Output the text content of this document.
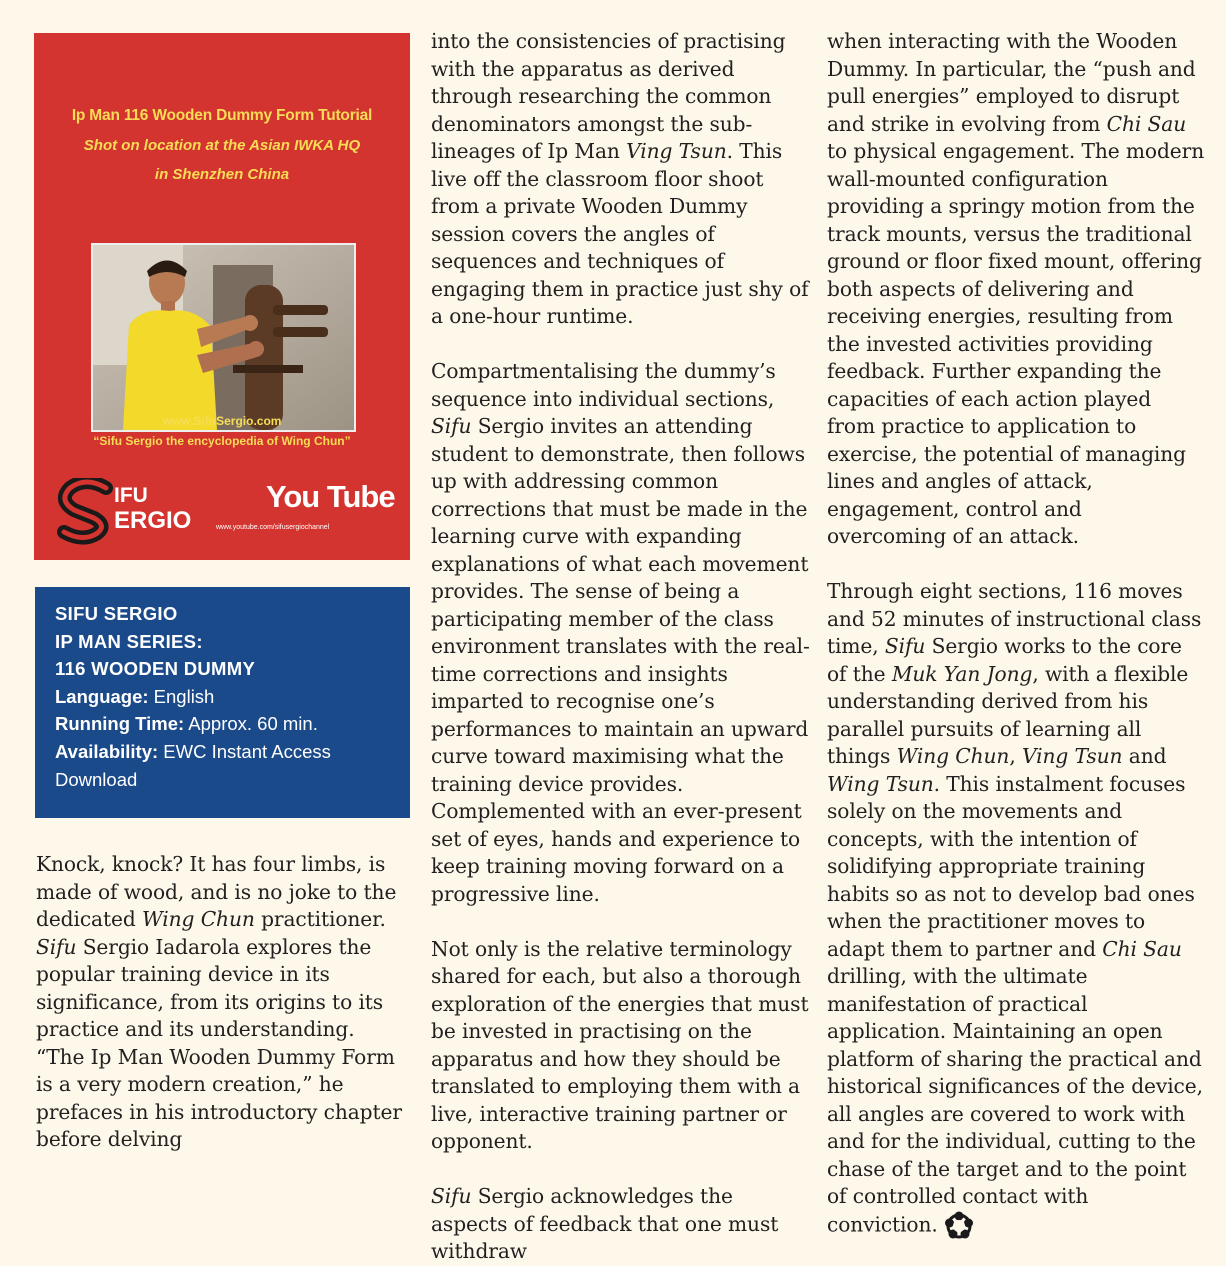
Ip Man 116 Wooden Dummy Form Tutorial
Shot on location at the Asian IWKA HQ
in Shenzhen China
www.SifuSergio.com
“Sifu Sergio the encyclopedia of Wing Chun”
IFU
ERGIO
You Tube
www.youtube.com/sifusergiochannel
SIFU SERGIO
IP MAN SERIES:
116 WOODEN DUMMY
Language: English
Running Time: Approx. 60 min.
Availability: EWC Instant Access Download

Knock, knock? It has four limbs, is made of wood, and is no joke to the dedicated Wing Chun practitioner. Sifu Sergio Iadarola explores the popular training device in its significance, from its origins to its practice and its understanding. “The Ip Man Wooden Dummy Form is a very modern creation,” he prefaces in his introductory chapter before delving

into the consistencies of practising with the apparatus as derived through researching the common denominators amongst the sub-lineages of Ip Man Ving Tsun. This live off the classroom floor shoot from a private Wooden Dummy session covers the angles of sequences and techniques of engaging them in practice just shy of a one-hour runtime.

Compartmentalising the dummy’s sequence into individual sections, Sifu Sergio invites an attending student to demonstrate, then follows up with addressing common corrections that must be made in the learning curve with expanding explanations of what each movement provides. The sense of being a participating member of the class environment translates with the real-time corrections and insights imparted to recognise one’s performances to maintain an upward curve toward maximising what the training device provides. Complemented with an ever-present set of eyes, hands and experience to keep training moving forward on a progressive line.

Not only is the relative terminology shared for each, but also a thorough exploration of the energies that must be invested in practising on the apparatus and how they should be translated to employing them with a live, interactive training partner or opponent.

Sifu Sergio acknowledges the aspects of feedback that one must withdraw

when interacting with the Wooden Dummy. In particular, the “push and pull energies” employed to disrupt and strike in evolving from Chi Sau to physical engagement. The modern wall-mounted configuration providing a springy motion from the track mounts, versus the traditional ground or floor fixed mount, offering both aspects of delivering and receiving energies, resulting from the invested activities providing feedback. Further expanding the capacities of each action played from practice to application to exercise, the potential of managing lines and angles of attack, engagement, control and overcoming of an attack.

Through eight sections, 116 moves and 52 minutes of instructional class time, Sifu Sergio works to the core of the Muk Yan Jong, with a flexible understanding derived from his parallel pursuits of learning all things Wing Chun, Ving Tsun and Wing Tsun. This instalment focuses solely on the movements and concepts, with the intention of solidifying appropriate training habits so as not to develop bad ones when the practitioner moves to adapt them to partner and Chi Sau drilling, with the ultimate manifestation of practical application. Maintaining an open platform of sharing the practical and historical significances of the device, all angles are covered to work with and for the individual, cutting to the chase of the target and to the point of controlled contact with conviction.
